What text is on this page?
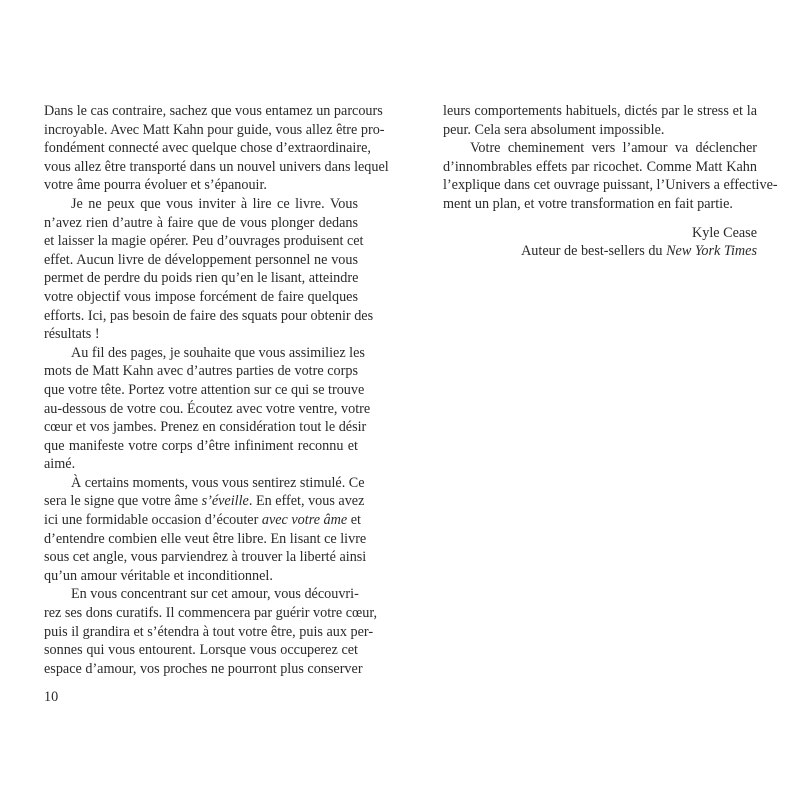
Dans le cas contraire, sachez que vous entamez un parcours
incroyable. Avec Matt Kahn pour guide, vous allez être pro-
fondément connecté avec quelque chose d’extraordinaire,
vous allez être transporté dans un nouvel univers dans lequel
votre âme pourra évoluer et s’épanouir.
Je ne peux que vous inviter à lire ce livre. Vous
n’avez rien d’autre à faire que de vous plonger dedans
et laisser la magie opérer. Peu d’ouvrages produisent cet
effet. Aucun livre de développement personnel ne vous
permet de perdre du poids rien qu’en le lisant, atteindre
votre objectif vous impose forcément de faire quelques
efforts. Ici, pas besoin de faire des squats pour obtenir des
résultats !
Au fil des pages, je souhaite que vous assimiliez les
mots de Matt Kahn avec d’autres parties de votre corps
que votre tête. Portez votre attention sur ce qui se trouve
au-dessous de votre cou. Écoutez avec votre ventre, votre
cœur et vos jambes. Prenez en considération tout le désir
que manifeste votre corps d’être infiniment reconnu et
aimé.
À certains moments, vous vous sentirez stimulé. Ce
sera le signe que votre âme s’éveille. En effet, vous avez
ici une formidable occasion d’écouter avec votre âme et
d’entendre combien elle veut être libre. En lisant ce livre
sous cet angle, vous parviendrez à trouver la liberté ainsi
qu’un amour véritable et inconditionnel.
En vous concentrant sur cet amour, vous découvri-
rez ses dons curatifs. Il commencera par guérir votre cœur,
puis il grandira et s’étendra à tout votre être, puis aux per-
sonnes qui vous entourent. Lorsque vous occuperez cet
espace d’amour, vos proches ne pourront plus conserver
leurs comportements habituels, dictés par le stress et la
peur. Cela sera absolument impossible.
Votre cheminement vers l’amour va déclencher
d’innombrables effets par ricochet. Comme Matt Kahn
l’explique dans cet ouvrage puissant, l’Univers a effective-
ment un plan, et votre transformation en fait partie.
Kyle Cease
Auteur de best-sellers du New York Times
10
